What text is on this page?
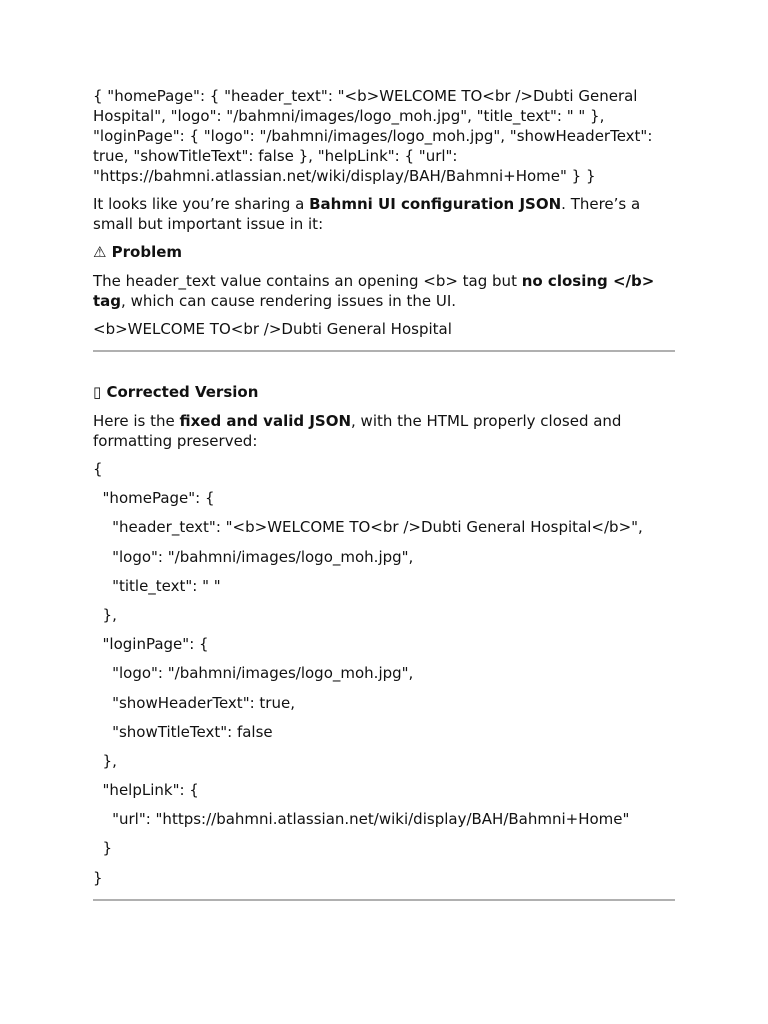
{ "homePage": { "header_text": "<b>WELCOME TO<br />Dubti General Hospital", "logo": "/bahmni/images/logo_moh.jpg", "title_text": " " }, "loginPage": { "logo": "/bahmni/images/logo_moh.jpg", "showHeaderText": true, "showTitleText": false }, "helpLink": { "url": "https://bahmni.atlassian.net/wiki/display/BAH/Bahmni+Home" } }

It looks like you’re sharing a Bahmni UI configuration JSON. There’s a small but important issue in it:

⚠ Problem

The header_text value contains an opening <b> tag but no closing </b> tag, which can cause rendering issues in the UI.

<b>WELCOME TO<br />Dubti General Hospital

▯ Corrected Version

Here is the fixed and valid JSON, with the HTML properly closed and formatting preserved:

{

"homePage": {

"header_text": "<b>WELCOME TO<br />Dubti General Hospital</b>",

"logo": "/bahmni/images/logo_moh.jpg",

"title_text": " "

},

"loginPage": {

"logo": "/bahmni/images/logo_moh.jpg",

"showHeaderText": true,

"showTitleText": false

},

"helpLink": {

"url": "https://bahmni.atlassian.net/wiki/display/BAH/Bahmni+Home"

}

}
